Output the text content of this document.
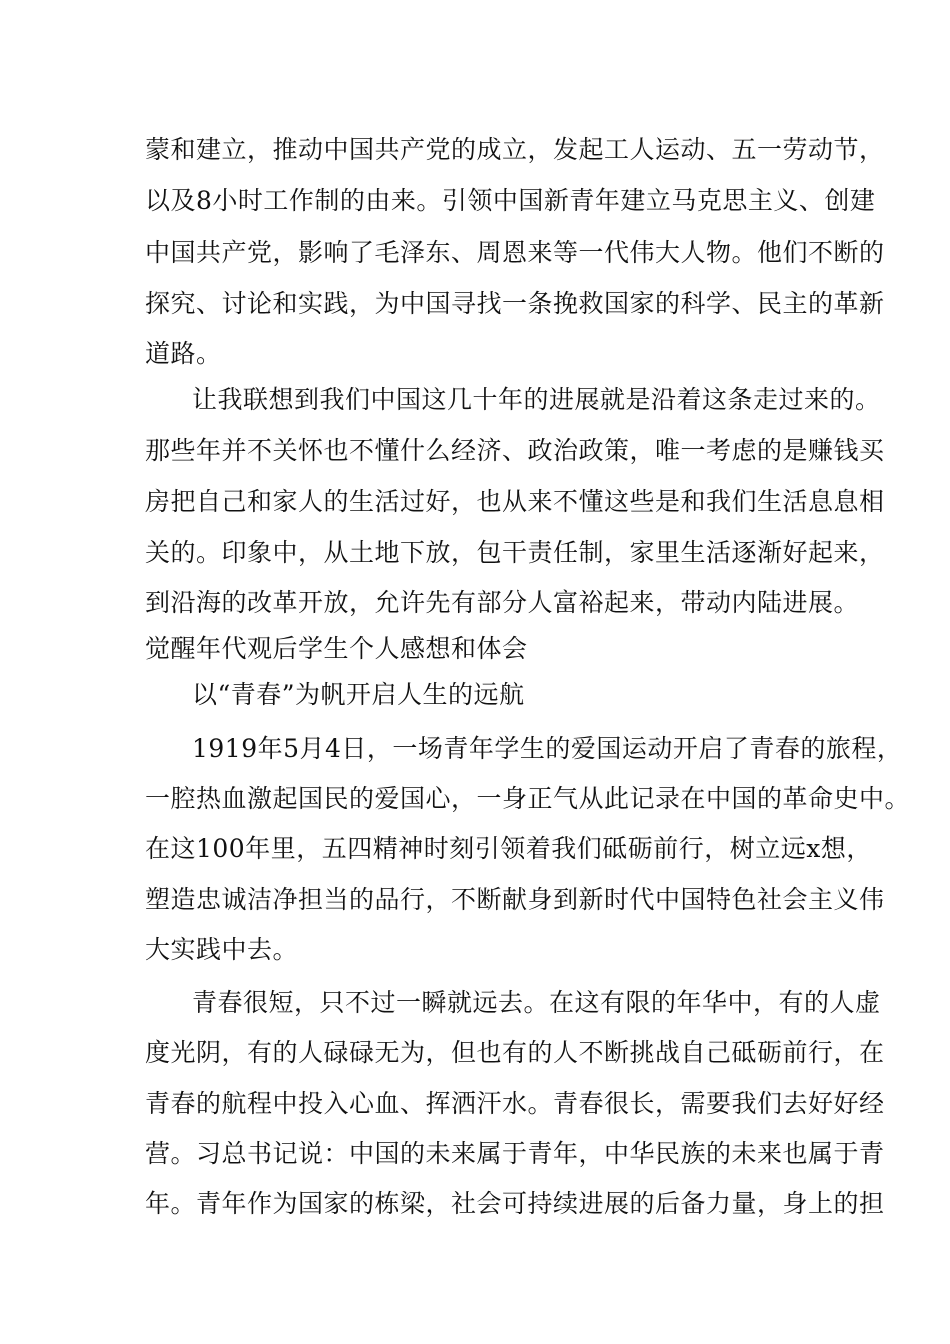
蒙和建立，推动中国共产党的成立，发起工人运动、五一劳动节，
以及8小时工作制的由来。引领中国新青年建立马克思主义、创建
中国共产党，影响了毛泽东、周恩来等一代伟大人物。他们不断的
探究、讨论和实践，为中国寻找一条挽救国家的科学、民主的革新
道路。
让我联想到我们中国这几十年的进展就是沿着这条走过来的。
那些年并不关怀也不懂什么经济、政治政策，唯一考虑的是赚钱买
房把自己和家人的生活过好，也从来不懂这些是和我们生活息息相
关的。印象中，从土地下放，包干责任制，家里生活逐渐好起来，
到沿海的改革开放，允许先有部分人富裕起来，带动内陆进展。
觉醒年代观后学生个人感想和体会
以“青春”为帆开启人生的远航
1919年5月4日，一场青年学生的爱国运动开启了青春的旅程，
一腔热血激起国民的爱国心，一身正气从此记录在中国的革命史中。
在这100年里，五四精神时刻引领着我们砥砺前行，树立远x想，
塑造忠诚洁净担当的品行，不断献身到新时代中国特色社会主义伟
大实践中去。
青春很短，只不过一瞬就远去。在这有限的年华中，有的人虚
度光阴，有的人碌碌无为，但也有的人不断挑战自己砥砺前行，在
青春的航程中投入心血、挥洒汗水。青春很长，需要我们去好好经
营。习总书记说：中国的未来属于青年，中华民族的未来也属于青
年。青年作为国家的栋梁，社会可持续进展的后备力量，身上的担
